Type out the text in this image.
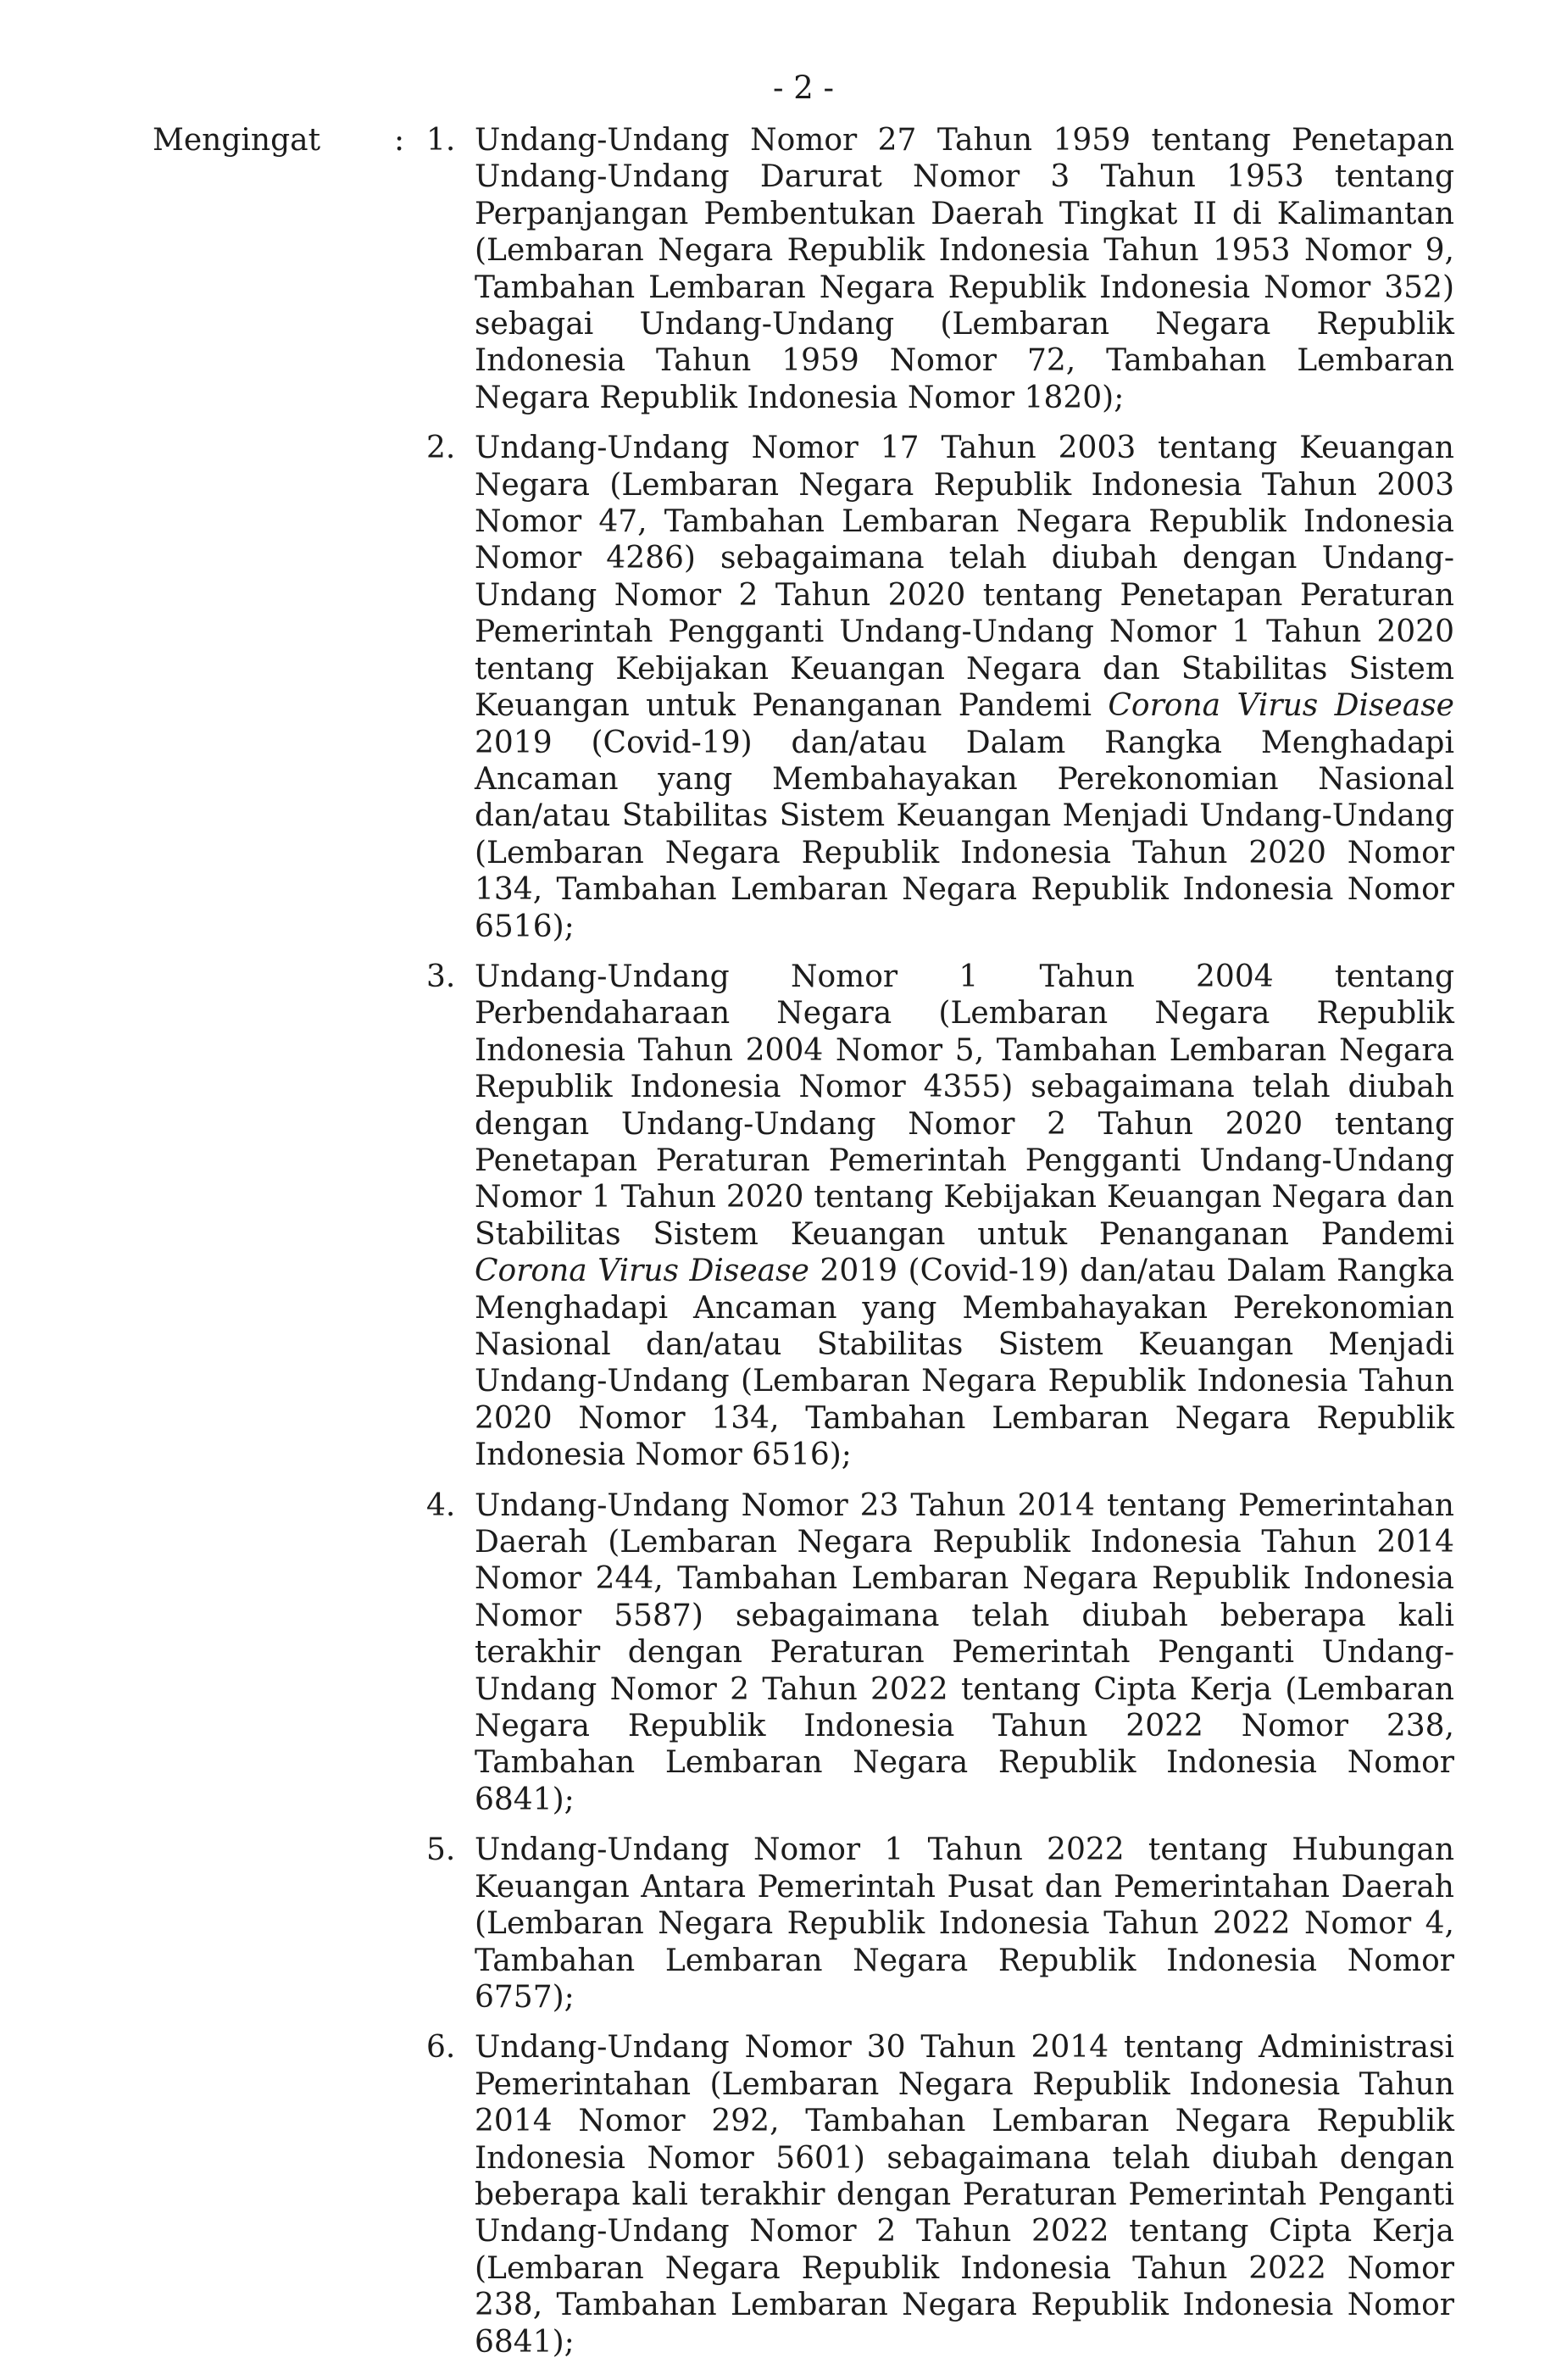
- 2 -
Mengingat	: 1. Undang-Undang Nomor 27 Tahun 1959 tentang Penetapan Undang-Undang Darurat Nomor 3 Tahun 1953 tentang Perpanjangan Pembentukan Daerah Tingkat II di Kalimantan (Lembaran Negara Republik Indonesia Tahun 1953 Nomor 9, Tambahan Lembaran Negara Republik Indonesia Nomor 352) sebagai Undang-Undang (Lembaran Negara Republik Indonesia Tahun 1959 Nomor 72, Tambahan Lembaran Negara Republik Indonesia Nomor 1820);
2. Undang-Undang Nomor 17 Tahun 2003 tentang Keuangan Negara (Lembaran Negara Republik Indonesia Tahun 2003 Nomor 47, Tambahan Lembaran Negara Republik Indonesia Nomor 4286) sebagaimana telah diubah dengan Undang-Undang Nomor 2 Tahun 2020 tentang Penetapan Peraturan Pemerintah Pengganti Undang-Undang Nomor 1 Tahun 2020 tentang Kebijakan Keuangan Negara dan Stabilitas Sistem Keuangan untuk Penanganan Pandemi Corona Virus Disease 2019 (Covid-19) dan/atau Dalam Rangka Menghadapi Ancaman yang Membahayakan Perekonomian Nasional dan/atau Stabilitas Sistem Keuangan Menjadi Undang-Undang (Lembaran Negara Republik Indonesia Tahun 2020 Nomor 134, Tambahan Lembaran Negara Republik Indonesia Nomor 6516);
3. Undang-Undang Nomor 1 Tahun 2004 tentang Perbendaharaan Negara (Lembaran Negara Republik Indonesia Tahun 2004 Nomor 5, Tambahan Lembaran Negara Republik Indonesia Nomor 4355) sebagaimana telah diubah dengan Undang-Undang Nomor 2 Tahun 2020 tentang Penetapan Peraturan Pemerintah Pengganti Undang-Undang Nomor 1 Tahun 2020 tentang Kebijakan Keuangan Negara dan Stabilitas Sistem Keuangan untuk Penanganan Pandemi Corona Virus Disease 2019 (Covid-19) dan/atau Dalam Rangka Menghadapi Ancaman yang Membahayakan Perekonomian Nasional dan/atau Stabilitas Sistem Keuangan Menjadi Undang-Undang (Lembaran Negara Republik Indonesia Tahun 2020 Nomor 134, Tambahan Lembaran Negara Republik Indonesia Nomor 6516);
4. Undang-Undang Nomor 23 Tahun 2014 tentang Pemerintahan Daerah (Lembaran Negara Republik Indonesia Tahun 2014 Nomor 244, Tambahan Lembaran Negara Republik Indonesia Nomor 5587) sebagaimana telah diubah beberapa kali terakhir dengan Peraturan Pemerintah Penganti Undang-Undang Nomor 2 Tahun 2022 tentang Cipta Kerja (Lembaran Negara Republik Indonesia Tahun 2022 Nomor 238, Tambahan Lembaran Negara Republik Indonesia Nomor 6841);
5. Undang-Undang Nomor 1 Tahun 2022 tentang Hubungan Keuangan Antara Pemerintah Pusat dan Pemerintahan Daerah (Lembaran Negara Republik Indonesia Tahun 2022 Nomor 4, Tambahan Lembaran Negara Republik Indonesia Nomor 6757);
6. Undang-Undang Nomor 30 Tahun 2014 tentang Administrasi Pemerintahan (Lembaran Negara Republik Indonesia Tahun 2014 Nomor 292, Tambahan Lembaran Negara Republik Indonesia Nomor 5601) sebagaimana telah diubah dengan beberapa kali terakhir dengan Peraturan Pemerintah Penganti Undang-Undang Nomor 2 Tahun 2022 tentang Cipta Kerja (Lembaran Negara Republik Indonesia Tahun 2022 Nomor 238, Tambahan Lembaran Negara Republik Indonesia Nomor 6841);
